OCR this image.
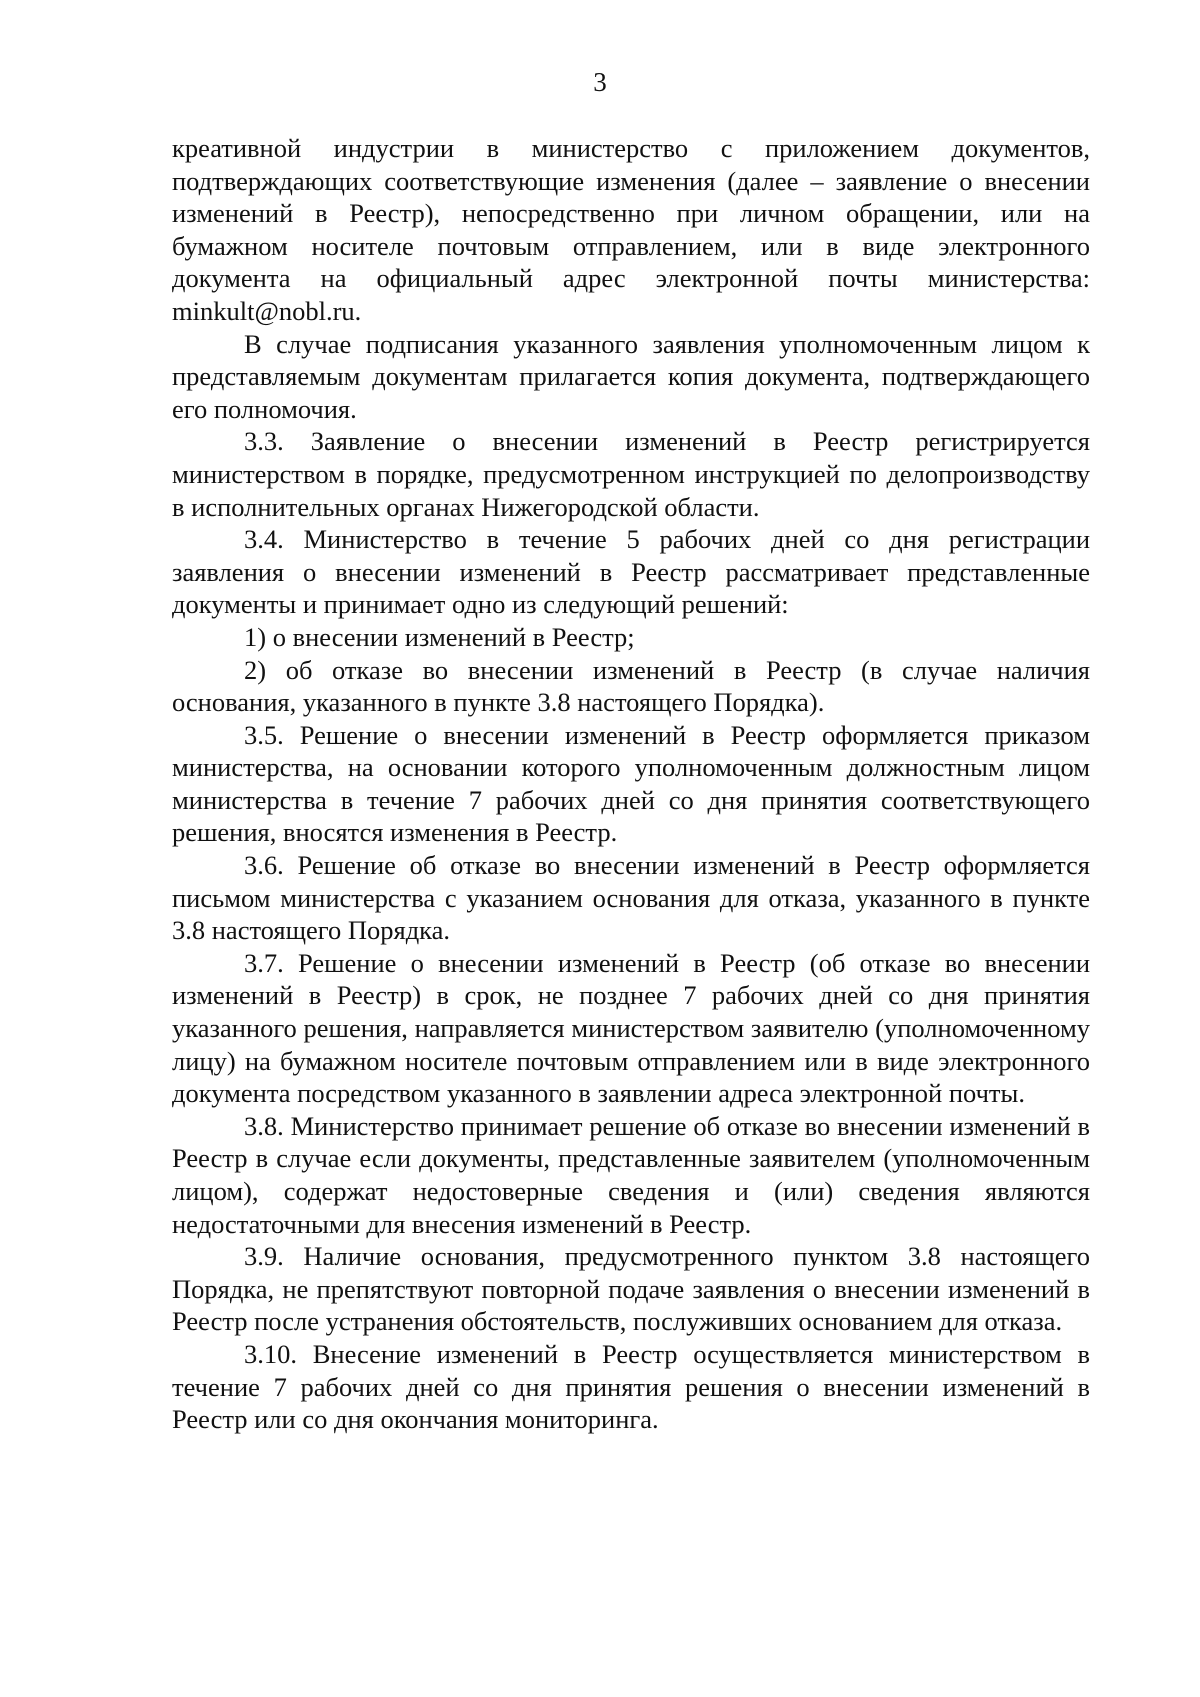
3

креативной индустрии в министерство с приложением документов, подтверждающих соответствующие изменения (далее – заявление о внесении изменений в Реестр), непосредственно при личном обращении, или на бумажном носителе почтовым отправлением, или в виде электронного документа на официальный адрес электронной почты министерства: minkult@nobl.ru.

В случае подписания указанного заявления уполномоченным лицом к представляемым документам прилагается копия документа, подтверждающего его полномочия.

3.3. Заявление о внесении изменений в Реестр регистрируется министерством в порядке, предусмотренном инструкцией по делопроизводству в исполнительных органах Нижегородской области.

3.4. Министерство в течение 5 рабочих дней со дня регистрации заявления о внесении изменений в Реестр рассматривает представленные документы и принимает одно из следующий решений:

1) о внесении изменений в Реестр;

2) об отказе во внесении изменений в Реестр (в случае наличия основания, указанного в пункте 3.8 настоящего Порядка).

3.5. Решение о внесении изменений в Реестр оформляется приказом министерства, на основании которого уполномоченным должностным лицом министерства в течение 7 рабочих дней со дня принятия соответствующего решения, вносятся изменения в Реестр.

3.6. Решение об отказе во внесении изменений в Реестр оформляется письмом министерства с указанием основания для отказа, указанного в пункте 3.8 настоящего Порядка.

3.7. Решение о внесении изменений в Реестр (об отказе во внесении изменений в Реестр) в срок, не позднее 7 рабочих дней со дня принятия указанного решения, направляется министерством заявителю (уполномоченному лицу) на бумажном носителе почтовым отправлением или в виде электронного документа посредством указанного в заявлении адреса электронной почты.

3.8. Министерство принимает решение об отказе во внесении изменений в Реестр в случае если документы, представленные заявителем (уполномоченным лицом), содержат недостоверные сведения и (или) сведения являются недостаточными для внесения изменений в Реестр.

3.9. Наличие основания, предусмотренного пунктом 3.8 настоящего Порядка, не препятствуют повторной подаче заявления о внесении изменений в Реестр после устранения обстоятельств, послуживших основанием для отказа.

3.10. Внесение изменений в Реестр осуществляется министерством в течение 7 рабочих дней со дня принятия решения о внесении изменений в Реестр или со дня окончания мониторинга.
